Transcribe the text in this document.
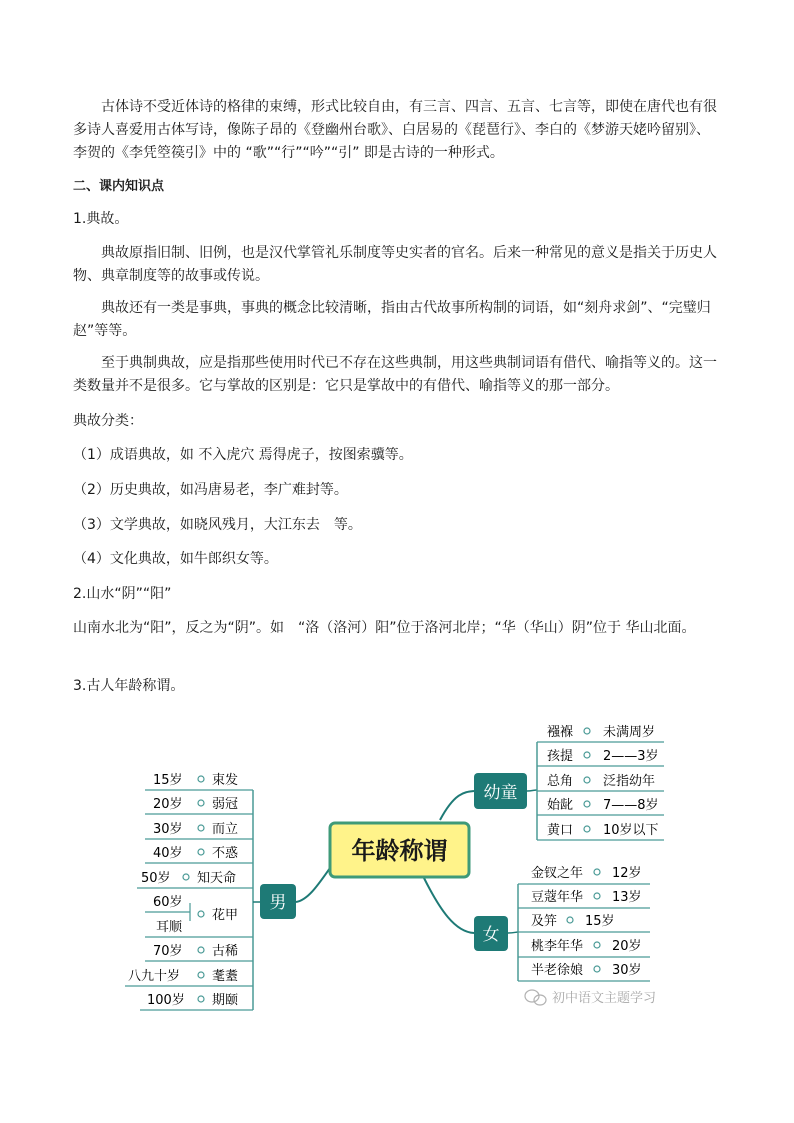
古体诗不受近体诗的格律的束缚，形式比较自由，有三言、四言、五言、七言等，即使在唐代也有很多诗人喜爱用古体写诗，像陈子昂的《登幽州台歌》、白居易的《琵琶行》、李白的《梦游天姥吟留别》、李贺的《李凭箜篌引》中的 “歌”“行”“吟”“引” 即是古诗的一种形式。
二、课内知识点
1.典故。
典故原指旧制、旧例，也是汉代掌管礼乐制度等史实者的官名。后来一种常见的意义是指关于历史人物、典章制度等的故事或传说。
典故还有一类是事典，事典的概念比较清晰，指由古代故事所构制的词语，如“刻舟求剑”、“完璧归赵”等等。
至于典制典故，应是指那些使用时代已不存在这些典制，用这些典制词语有借代、喻指等义的。这一类数量并不是很多。它与掌故的区别是：它只是掌故中的有借代、喻指等义的那一部分。
典故分类：
（1）成语典故，如 不入虎穴 焉得虎子，按图索骥等。
（2）历史典故，如冯唐易老，李广难封等。
（3）文学典故，如晓风残月，大江东去　等。
（4）文化典故，如牛郎织女等。
2.山水“阴”“阳”
山南水北为“阳”，反之为“阴”。如　“洛（洛河）阳”位于洛河北岸；“华（华山）阴”位于 华山北面。
3.古人年龄称谓。
年龄称谓
幼童
襁褓 未满周岁
孩提 2——3岁
总角 泛指幼年
始龀 7——8岁
黄口 10岁以下
女
金钗之年 12岁
豆蔻年华 13岁
及笄 15岁
桃李年华 20岁
半老徐娘 30岁
男
15岁 束发
20岁 弱冠
30岁 而立
40岁 不惑
50岁 知天命
60岁
花甲
耳顺
70岁 古稀
八九十岁 耄耋
100岁 期颐	初中语文主题学习
